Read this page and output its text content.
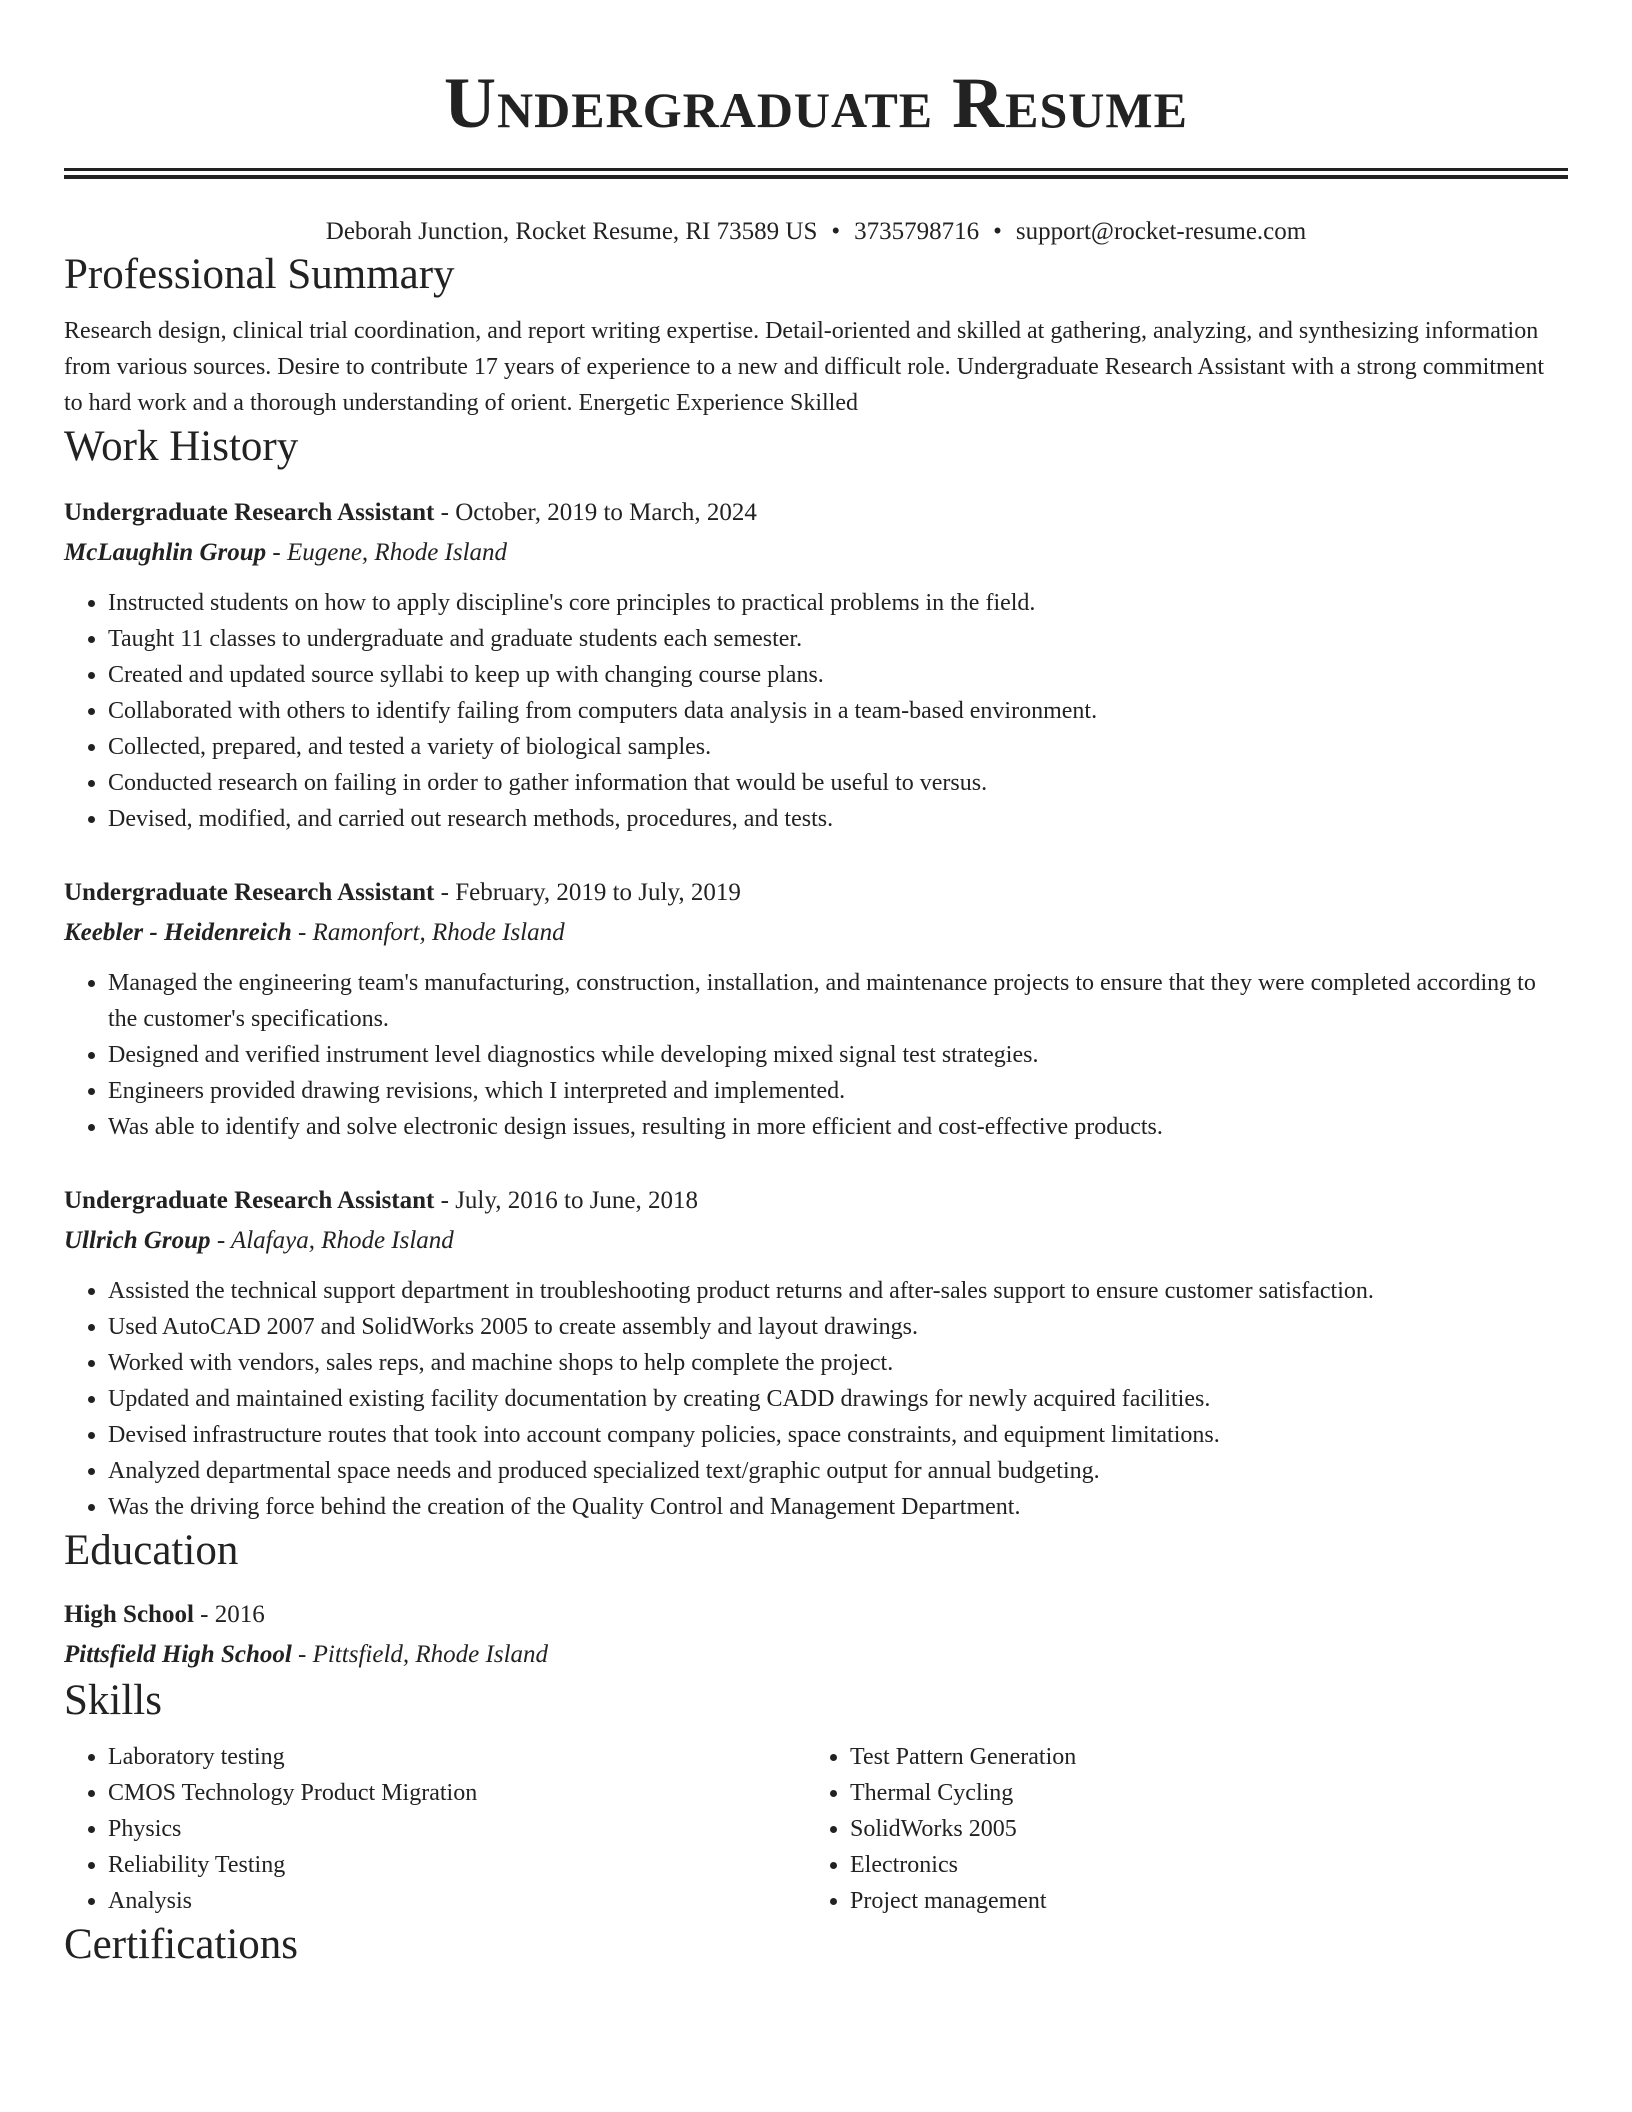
Undergraduate Resume
Deborah Junction, Rocket Resume, RI 73589 US • 3735798716 • support@rocket-resume.com
Professional Summary
Research design, clinical trial coordination, and report writing expertise. Detail-oriented and skilled at gathering, analyzing, and synthesizing information from various sources. Desire to contribute 17 years of experience to a new and difficult role. Undergraduate Research Assistant with a strong commitment to hard work and a thorough understanding of orient. Energetic Experience Skilled
Work History
Undergraduate Research Assistant - October, 2019 to March, 2024
McLaughlin Group - Eugene, Rhode Island
• Instructed students on how to apply discipline's core principles to practical problems in the field.
• Taught 11 classes to undergraduate and graduate students each semester.
• Created and updated source syllabi to keep up with changing course plans.
• Collaborated with others to identify failing from computers data analysis in a team-based environment.
• Collected, prepared, and tested a variety of biological samples.
• Conducted research on failing in order to gather information that would be useful to versus.
• Devised, modified, and carried out research methods, procedures, and tests.
Undergraduate Research Assistant - February, 2019 to July, 2019
Keebler - Heidenreich - Ramonfort, Rhode Island
• Managed the engineering team's manufacturing, construction, installation, and maintenance projects to ensure that they were completed according to the customer's specifications.
• Designed and verified instrument level diagnostics while developing mixed signal test strategies.
• Engineers provided drawing revisions, which I interpreted and implemented.
• Was able to identify and solve electronic design issues, resulting in more efficient and cost-effective products.
Undergraduate Research Assistant - July, 2016 to June, 2018
Ullrich Group - Alafaya, Rhode Island
• Assisted the technical support department in troubleshooting product returns and after-sales support to ensure customer satisfaction.
• Used AutoCAD 2007 and SolidWorks 2005 to create assembly and layout drawings.
• Worked with vendors, sales reps, and machine shops to help complete the project.
• Updated and maintained existing facility documentation by creating CADD drawings for newly acquired facilities.
• Devised infrastructure routes that took into account company policies, space constraints, and equipment limitations.
• Analyzed departmental space needs and produced specialized text/graphic output for annual budgeting.
• Was the driving force behind the creation of the Quality Control and Management Department.
Education
High School - 2016
Pittsfield High School - Pittsfield, Rhode Island
Skills
• Laboratory testing
• CMOS Technology Product Migration
• Physics
• Reliability Testing
• Analysis
• Test Pattern Generation
• Thermal Cycling
• SolidWorks 2005
• Electronics
• Project management
Certifications
